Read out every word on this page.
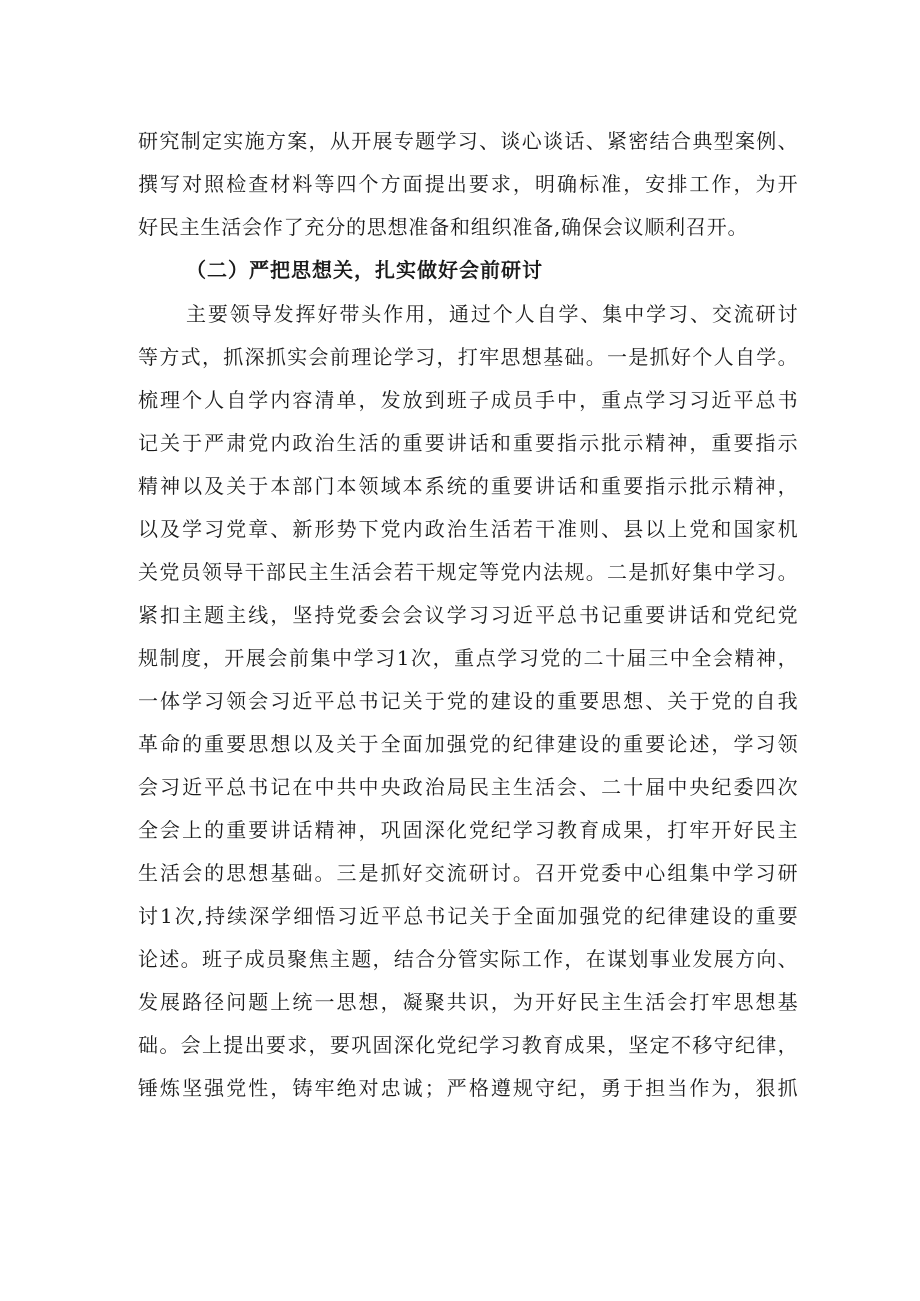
研究制定实施方案，从开展专题学习、谈心谈话、紧密结合典型案例、
撰写对照检查材料等四个方面提出要求，明确标准，安排工作，为开
好民主生活会作了充分的思想准备和组织准备,确保会议顺利召开。
（二）严把思想关，扎实做好会前研讨
主要领导发挥好带头作用，通过个人自学、集中学习、交流研讨
等方式，抓深抓实会前理论学习，打牢思想基础。一是抓好个人自学。
梳理个人自学内容清单，发放到班子成员手中，重点学习习近平总书
记关于严肃党内政治生活的重要讲话和重要指示批示精神，重要指示
精神以及关于本部门本领域本系统的重要讲话和重要指示批示精神，
以及学习党章、新形势下党内政治生活若干准则、县以上党和国家机
关党员领导干部民主生活会若干规定等党内法规。二是抓好集中学习。
紧扣主题主线，坚持党委会会议学习习近平总书记重要讲话和党纪党
规制度，开展会前集中学习1次，重点学习党的二十届三中全会精神，
一体学习领会习近平总书记关于党的建设的重要思想、关于党的自我
革命的重要思想以及关于全面加强党的纪律建设的重要论述，学习领
会习近平总书记在中共中央政治局民主生活会、二十届中央纪委四次
全会上的重要讲话精神，巩固深化党纪学习教育成果，打牢开好民主
生活会的思想基础。三是抓好交流研讨。召开党委中心组集中学习研
讨1次,持续深学细悟习近平总书记关于全面加强党的纪律建设的重要
论述。班子成员聚焦主题，结合分管实际工作，在谋划事业发展方向、
发展路径问题上统一思想，凝聚共识，为开好民主生活会打牢思想基
础。会上提出要求，要巩固深化党纪学习教育成果，坚定不移守纪律，
锤炼坚强党性，铸牢绝对忠诚；严格遵规守纪，勇于担当作为，狠抓
